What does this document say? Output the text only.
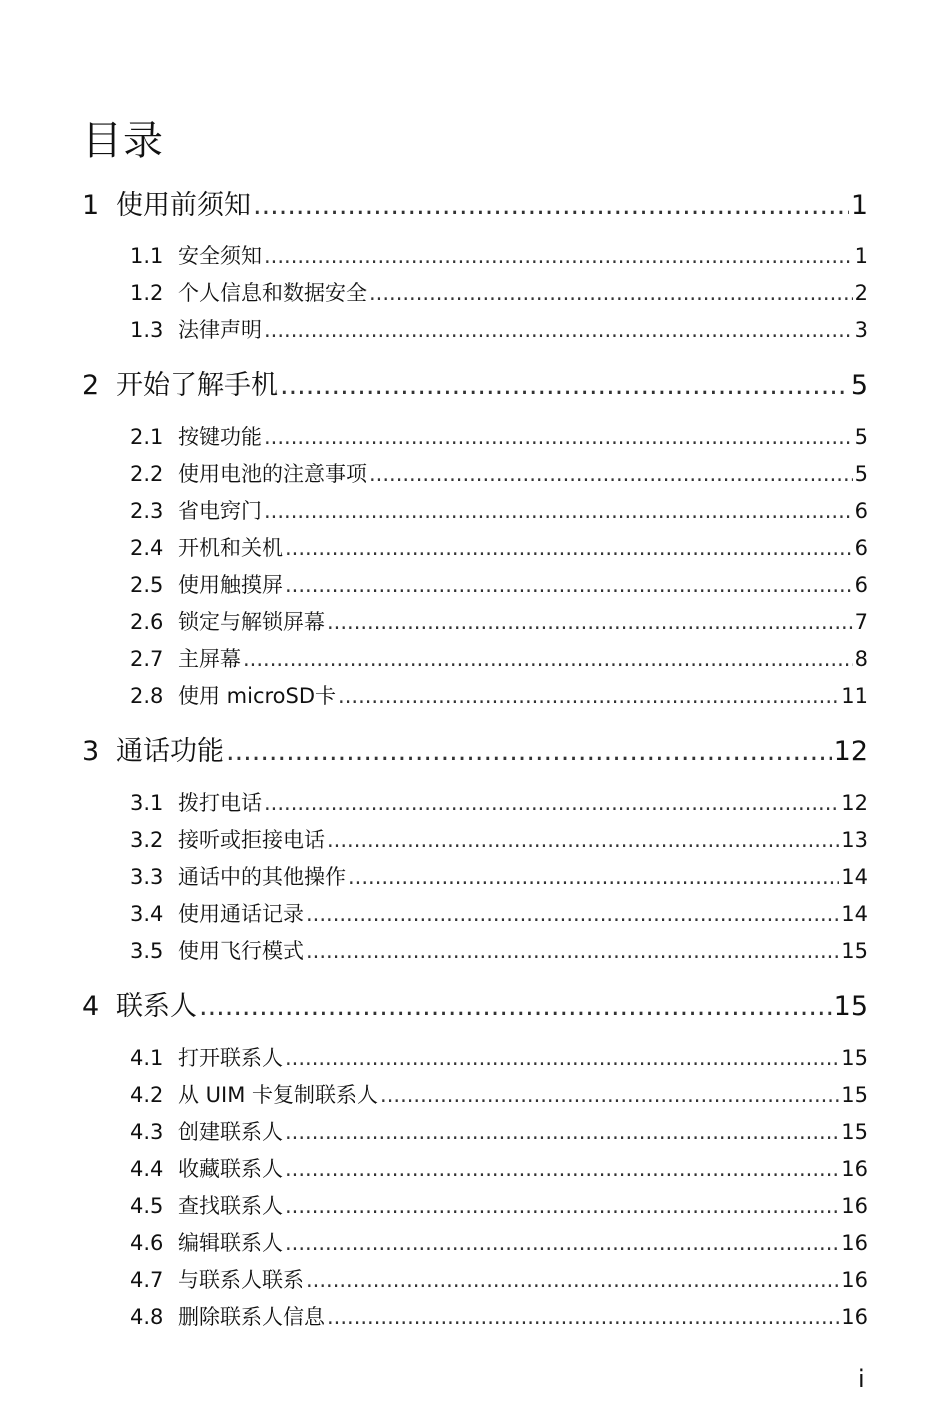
目录
1 使用前须知 .....	1
1.1 安全须知 .....	1
1.2 个人信息和数据安全 .....	2
1.3 法律声明 .....	3
2 开始了解手机 .....	5
2.1 按键功能 .....	5
2.2 使用电池的注意事项 .....	5
2.3 省电窍门 .....	6
2.4 开机和关机 .....	6
2.5 使用触摸屏 .....	6
2.6 锁定与解锁屏幕 .....	7
2.7 主屏幕 .....	8
2.8 使用 microSD卡 .....	11
3 通话功能 .....	12
3.1 拨打电话 .....	12
3.2 接听或拒接电话 .....	13
3.3 通话中的其他操作 .....	14
3.4 使用通话记录 .....	14
3.5 使用飞行模式 .....	15
4 联系人 .....	15
4.1 打开联系人 .....	15
4.2 从 UIM 卡复制联系人 .....	15
4.3 创建联系人 .....	15
4.4 收藏联系人 .....	16
4.5 查找联系人 .....	16
4.6 编辑联系人 .....	16
4.7 与联系人联系 .....	16
4.8 删除联系人信息 .....	16
i
